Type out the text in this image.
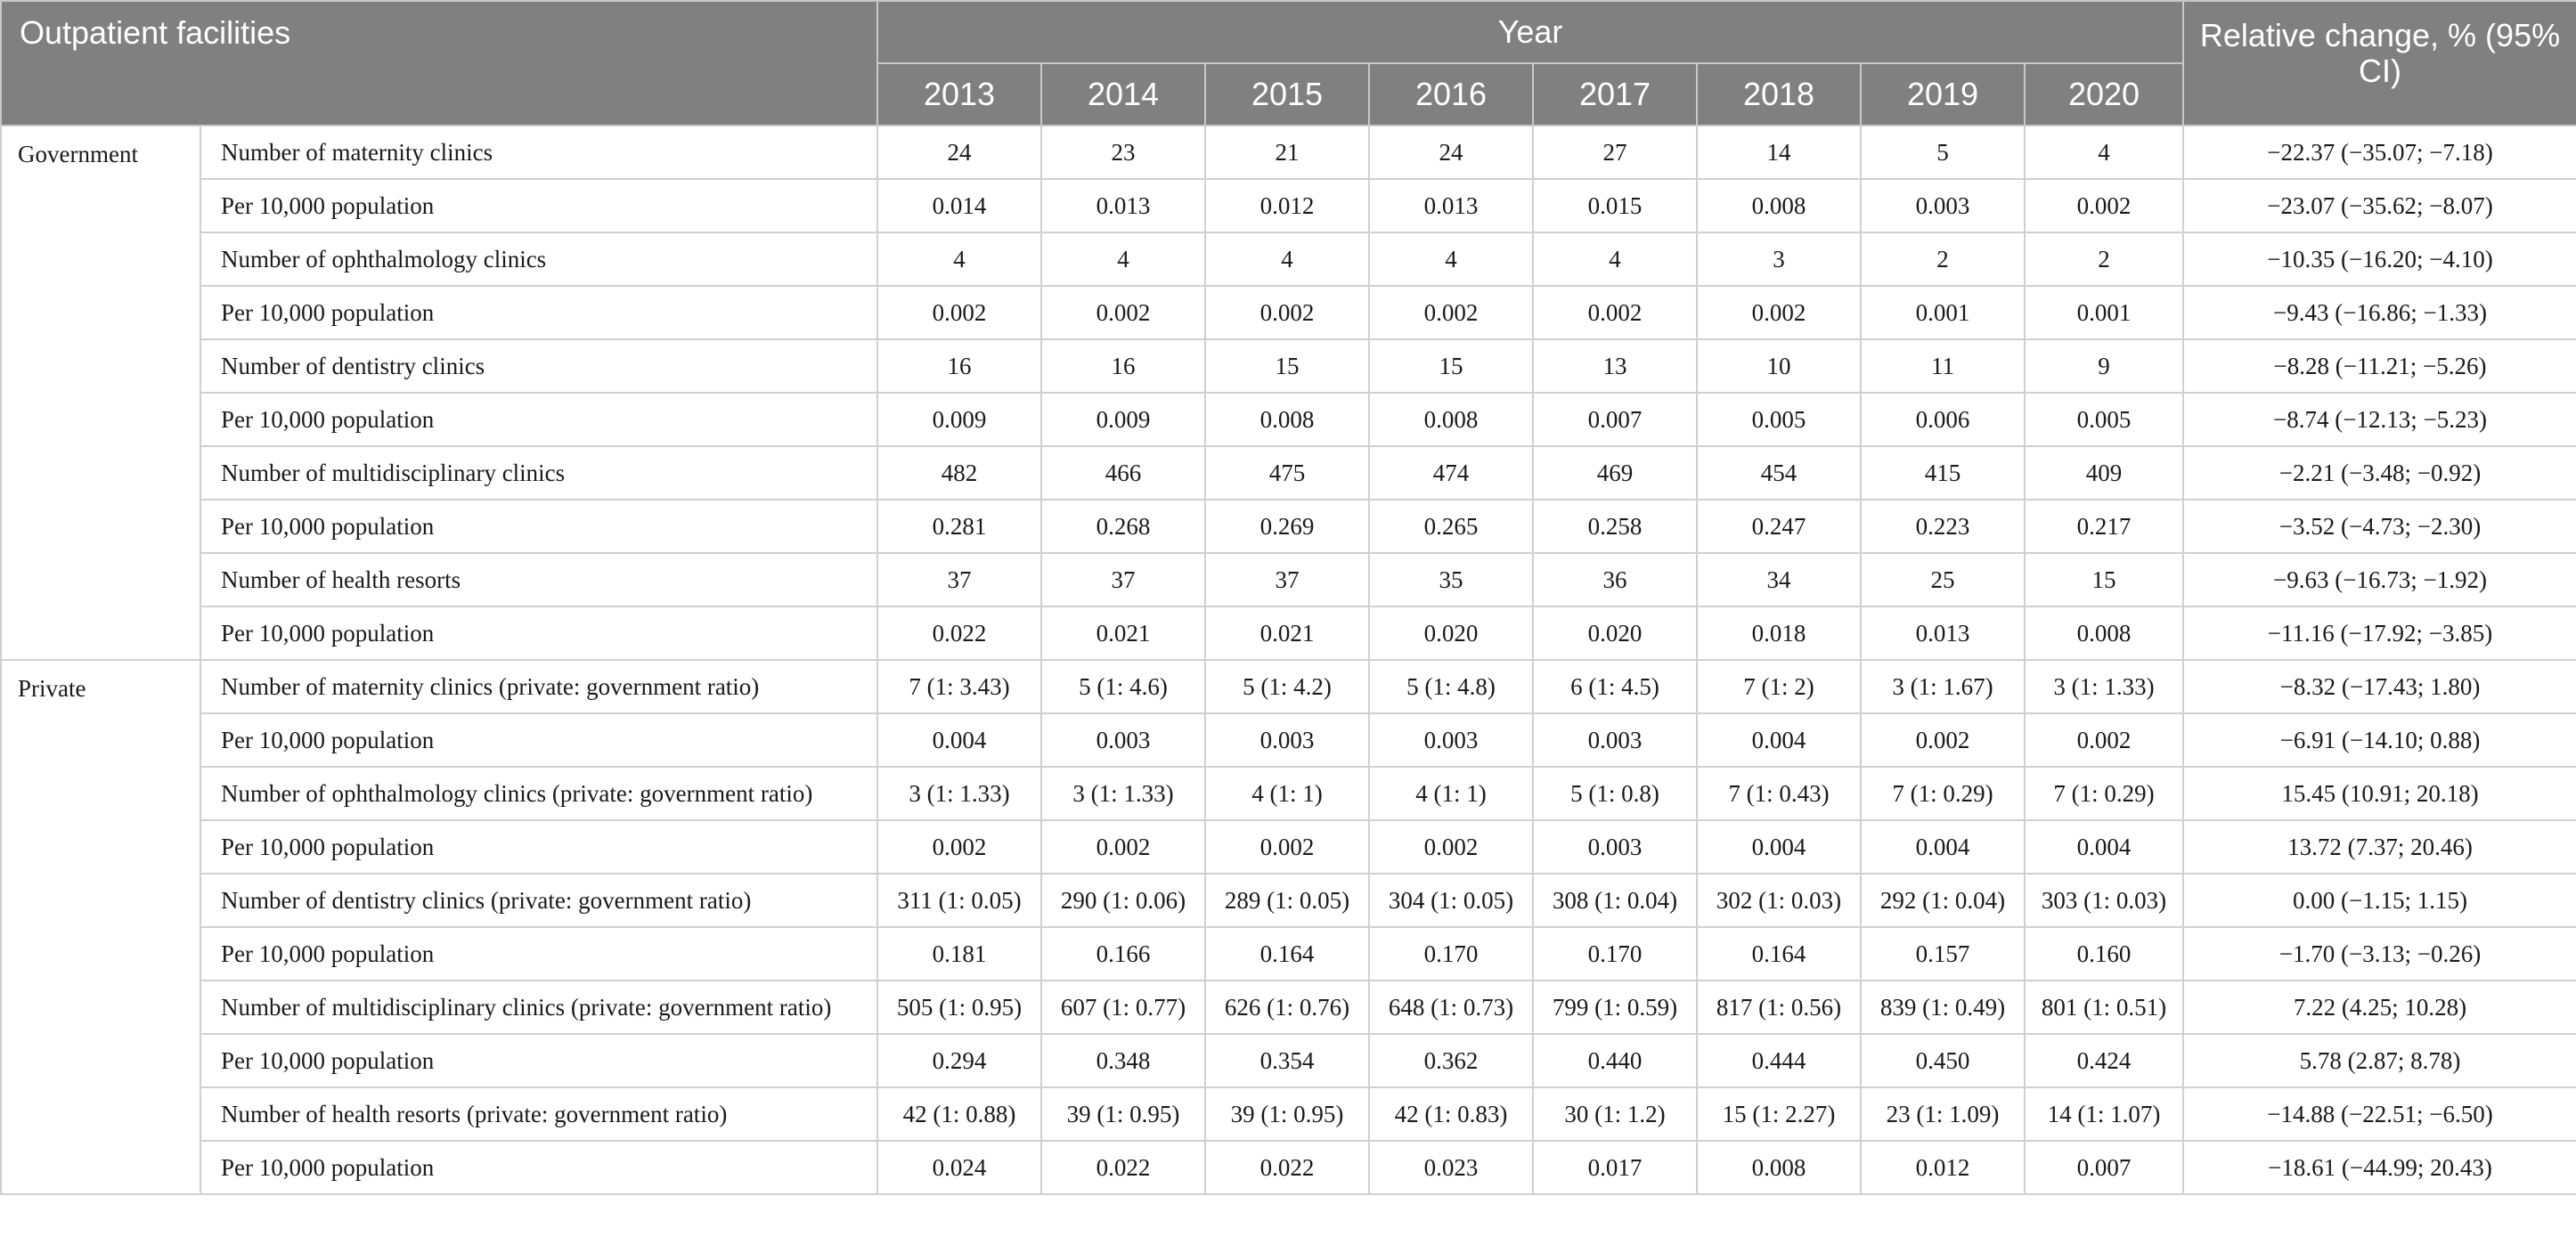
Outpatient facilities		Year								Relative change, % (95% CI)
		2013	2014	2015	2016	2017	2018	2019	2020	
Government	Number of maternity clinics	24	23	21	24	27	14	5	4	−22.37 (−35.07; −7.18)
	Per 10,000 population	0.014	0.013	0.012	0.013	0.015	0.008	0.003	0.002	−23.07 (−35.62; −8.07)
	Number of ophthalmology clinics	4	4	4	4	4	3	2	2	−10.35 (−16.20; −4.10)
	Per 10,000 population	0.002	0.002	0.002	0.002	0.002	0.002	0.001	0.001	−9.43 (−16.86; −1.33)
	Number of dentistry clinics	16	16	15	15	13	10	11	9	−8.28 (−11.21; −5.26)
	Per 10,000 population	0.009	0.009	0.008	0.008	0.007	0.005	0.006	0.005	−8.74 (−12.13; −5.23)
	Number of multidisciplinary clinics	482	466	475	474	469	454	415	409	−2.21 (−3.48; −0.92)
	Per 10,000 population	0.281	0.268	0.269	0.265	0.258	0.247	0.223	0.217	−3.52 (−4.73; −2.30)
	Number of health resorts	37	37	37	35	36	34	25	15	−9.63 (−16.73; −1.92)
	Per 10,000 population	0.022	0.021	0.021	0.020	0.020	0.018	0.013	0.008	−11.16 (−17.92; −3.85)
Private	Number of maternity clinics (private: government ratio)	7 (1: 3.43)	5 (1: 4.6)	5 (1: 4.2)	5 (1: 4.8)	6 (1: 4.5)	7 (1: 2)	3 (1: 1.67)	3 (1: 1.33)	−8.32 (−17.43; 1.80)
	Per 10,000 population	0.004	0.003	0.003	0.003	0.003	0.004	0.002	0.002	−6.91 (−14.10; 0.88)
	Number of ophthalmology clinics (private: government ratio)	3 (1: 1.33)	3 (1: 1.33)	4 (1: 1)	4 (1: 1)	5 (1: 0.8)	7 (1: 0.43)	7 (1: 0.29)	7 (1: 0.29)	15.45 (10.91; 20.18)
	Per 10,000 population	0.002	0.002	0.002	0.002	0.003	0.004	0.004	0.004	13.72 (7.37; 20.46)
	Number of dentistry clinics (private: government ratio)	311 (1: 0.05)	290 (1: 0.06)	289 (1: 0.05)	304 (1: 0.05)	308 (1: 0.04)	302 (1: 0.03)	292 (1: 0.04)	303 (1: 0.03)	0.00 (−1.15; 1.15)
	Per 10,000 population	0.181	0.166	0.164	0.170	0.170	0.164	0.157	0.160	−1.70 (−3.13; −0.26)
	Number of multidisciplinary clinics (private: government ratio)	505 (1: 0.95)	607 (1: 0.77)	626 (1: 0.76)	648 (1: 0.73)	799 (1: 0.59)	817 (1: 0.56)	839 (1: 0.49)	801 (1: 0.51)	7.22 (4.25; 10.28)
	Per 10,000 population	0.294	0.348	0.354	0.362	0.440	0.444	0.450	0.424	5.78 (2.87; 8.78)
	Number of health resorts (private: government ratio)	42 (1: 0.88)	39 (1: 0.95)	39 (1: 0.95)	42 (1: 0.83)	30 (1: 1.2)	15 (1: 2.27)	23 (1: 1.09)	14 (1: 1.07)	−14.88 (−22.51; −6.50)
	Per 10,000 population	0.024	0.022	0.022	0.023	0.017	0.008	0.012	0.007	−18.61 (−44.99; 20.43)
